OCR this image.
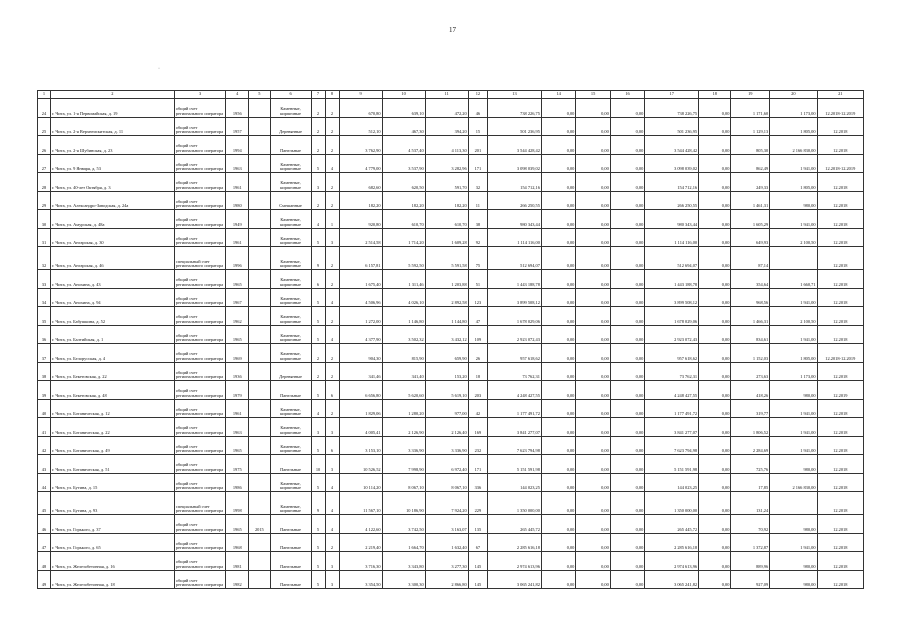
17
·
1	2	3	4	5	6	7	8	9	10	11	12	13	14	15	16	17	18	19	20	21
24	г. Чита, ул. 1-я Первомайская, д. 19	общий счет регионального оператора	1956		Каменные, кирпичные	2	2	670,80	639,10	472,20	46	738 226,75	0,00	0,00	0,00	738 226,75	0,00	1 171,60	1 173,00	12.2018-12.2019
25	г. Чита, ул. 2-я Верхнеискитская, д. 11	общий счет регионального оператора	1957		Деревянные	2	2	512,10	467,30	394,20	15	501 236,95	0,00	0,00	0,00	501 236,95	0,00	1 129,13	1 805,00	12.2018
26	г. Чита, ул. 2-я Шубинская, д. 23	общий счет регионального оператора	1994		Панельные	2	2	3 762,90	4 537,40	4 113,30	201	3 544 428,42	0,00	0,00	0,00	3 544 428,42	0,00	805,30	2 166 830,00	12.2018
27	г. Чита, ул. 9 Января, д. 53	общий счет регионального оператора	1963		Каменные, кирпичные	5	4	4 779,00	3 537,90	3 282,96	171	3 098 039,02	0,00	0,00	0,00	3 098 039,02	0,00	862,49	1 941,00	12.2018-12.2019
28	г. Чита, ул. 40-лет Октября, д. 3	общий счет регионального оператора	1961		Каменные, кирпичные	3	2	682,60	620,50	591,70	32	154 712,16	0,00	0,00	0,00	154 712,16	0,00	249,33	1 805,00	12.2018
29	г. Чита, ул. Александро-Заводская, д. 24а	общий счет регионального оператора	1980		Смешанные	2	2	182,20	182,20	182,20	11	266 250,55	0,00	0,00	0,00	266 250,55	0,00	1 461,31	980,00	12.2018
30	г. Чита, ул. Амурская, д. 48а	общий счет регионального оператора	1949		Каменные, кирпичные	4	1	920,80	610,70	610,70	38	980 343,44	0,00	0,00	0,00	980 343,44	0,00	1 605,29	1 941,00	12.2018
31	г. Чита, ул. Ангарская, д. 30	общий счет регионального оператора	1961		Каменные, кирпичные	5	3	2 514,58	1 714,20	1 609,28	92	1 114 116,00	0,00	0,00	0,00	1 114 116,00	0,00	649,93	2 100,50	12.2018
32	г. Чита, ул. Ангарская, д. 46	специальный счет регионального оператора	1996		Каменные, кирпичные	9	2	6 157,81	5 592,50	5 591,58	75	512 694,07	0,00	0,00	0,00	512 694,07	0,00	87,14		12.2018
33	г. Чита, ул. Анохина, д. 43	общий счет регионального оператора	1965		Каменные, кирпичные	6	2	1 675,40	1 311,46	1 203,88	51	1 443 188,78	0,00	0,00	0,00	1 443 188,78	0,00	354,64	1 660,71	12.2018
34	г. Чита, ул. Анохина, д. 94	общий счет регионального оператора	1967		Каменные, кирпичные	5	4	4 506,96	4 026,10	2 892,58	123	3 899 508,12	0,00	0,00	0,00	3 899 508,12	0,00	968,56	1 941,00	12.2018
35	г. Чита, ул. Бабушкина, д. 52	общий счет регионального оператора	1962		Каменные, кирпичные	5	2	1 272,00	1 146,80	1 144,80	47	1 678 029,06	0,00	0,00	0,00	1 678 029,06	0,00	1 466,31	2 100,50	12.2018
36	г. Чита, ул. Балтийская, д. 1	общий счет регионального оператора	1965		Каменные, кирпичные	5	4	4 377,90	3 502,32	3 432,12	109	2 923 072,43	0,00	0,00	0,00	2 923 072,43	0,00	834,61	1 941,00	12.2018
37	г. Чита, ул. Белорусская, д. 4	общий счет регионального оператора	1969		Каменные, кирпичные	2	2	904,30	815,90	659,90	26	957 618,62	0,00	0,00	0,00	957 618,62	0,00	1 152,03	1 805,00	12.2018-12.2019
38	г. Чита, ул. Бекетовская, д. 22	общий счет регионального оператора	1936		Деревянные	2	2	341,46	341,40	153,20	18	73 762,31	0,00	0,00	0,00	73 762,31	0,00	273,63	1 173,00	12.2018
39	г. Чита, ул. Бекетовская, д. 48	общий счет регионального оператора	1979		Панельные	5	6	6 656,80	5 620,60	5 619,10	203	4 248 427,55	0,00	0,00	0,00	4 248 427,55	0,00	418,26	980,00	12.2019
40	г. Чита, ул. Ботаническая, д. 12	общий счет регионального оператора	1961		Каменные, кирпичные	4	2	1 829,06	1 280,20	977,00	42	1 177 491,72	0,00	0,00	0,00	1 177 491,72	0,00	319,77	1 941,00	12.2018
41	г. Чита, ул. Ботаническая, д. 22	общий счет регионального оператора	1963		Каменные, кирпичные	3	3	4 005,41	2 126,90	2 126,40	169	3 841 277,07	0,00	0,00	0,00	3 841 277,07	0,00	1 806,52	1 941,00	12.2018
42	г. Чита, ул. Ботаническая, д. 49	общий счет регионального оператора	1965		Каменные, кирпичные	5	6	3 153,10	3 336,90	3 336,90	232	7 623 794,98	0,00	0,00	0,00	7 623 794,98	0,00	2 284,69	1 941,00	12.2018
43	г. Чита, ул. Ботаническая, д. 51	общий счет регионального оператора	1975		Панельные	10	3	10 526,52	7 998,90	6 972,40	171	5 151 591,98	0,00	0,00	0,00	5 151 591,98	0,00	725,76	980,00	12.2018
44	г. Чита, ул. Бутина, д. 15	общий счет регионального оператора	1986		Каменные, кирпичные	5	4	10 114,20	8 067,10	8 067,10	336	144 023,25	0,00	0,00	0,00	144 023,25	0,00	17,85	2 166 830,00	12.2018
45	г. Чита, ул. Бутина, д. 93	специальный счет регионального оператора	1998		Каменные, кирпичные	9	4	11 567,10	10 186,90	7 924,20	229	1 350 000,00	0,00	0,00	0,00	1 350 000,00	0,00	131,24		12.2018
46	г. Чита, ул. Горького, д. 37	общий счет регионального оператора	1965	2015	Панельные	5	4	4 122,60	3 742,50	3 163,07	135	265 445,72	0,00	0,00	0,00	265 445,72	0,00	70,92	980,00	12.2018
47	г. Чита, ул. Горького, д. 65	общий счет регионального оператора	1968		Панельные	5	2	2 219,40	1 664,70	1 632,40	67	2 285 616,18	0,00	0,00	0,00	2 285 616,18	0,00	1 372,87	1 941,00	12.2018
48	г. Чита, ул. Железобетонная, д. 16	общий счет регионального оператора	1981		Панельные	5	3	3 716,30	3 343,80	3 277,30	145	2 974 613,96	0,00	0,00	0,00	2 974 613,96	0,00	889,96	980,00	12.2018
49	г. Чита, ул. Железобетонная, д. 18	общий счет регионального оператора	1982		Панельные	5	3	3 354,50	3 300,30	2 866,80	145	3 065 241,82	0,00	0,00	0,00	3 065 241,82	0,00	927,09	980,00	12.2018
